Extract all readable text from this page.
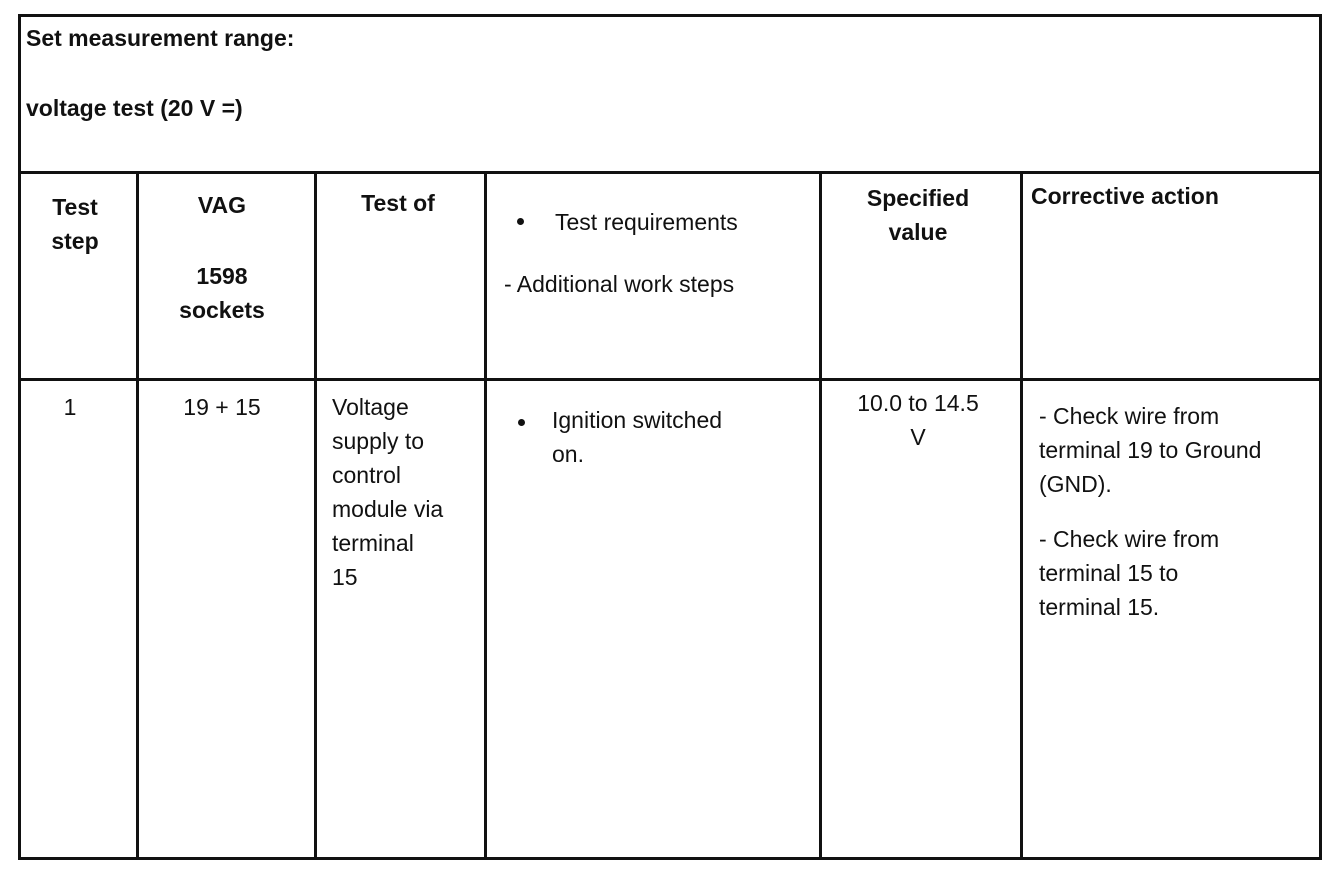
Set measurement range:
voltage test (20 V =)
Test
step
VAG
1598
sockets
Test of
Test requirements
- Additional work steps
Specified
value
Corrective action
1	19 + 15	Voltage
supply to
control
module via
terminal
15
Ignition switched
on.
10.0 to 14.5
V
- Check wire from
terminal 19 to Ground
(GND).
- Check wire from
terminal 15 to
terminal 15.
